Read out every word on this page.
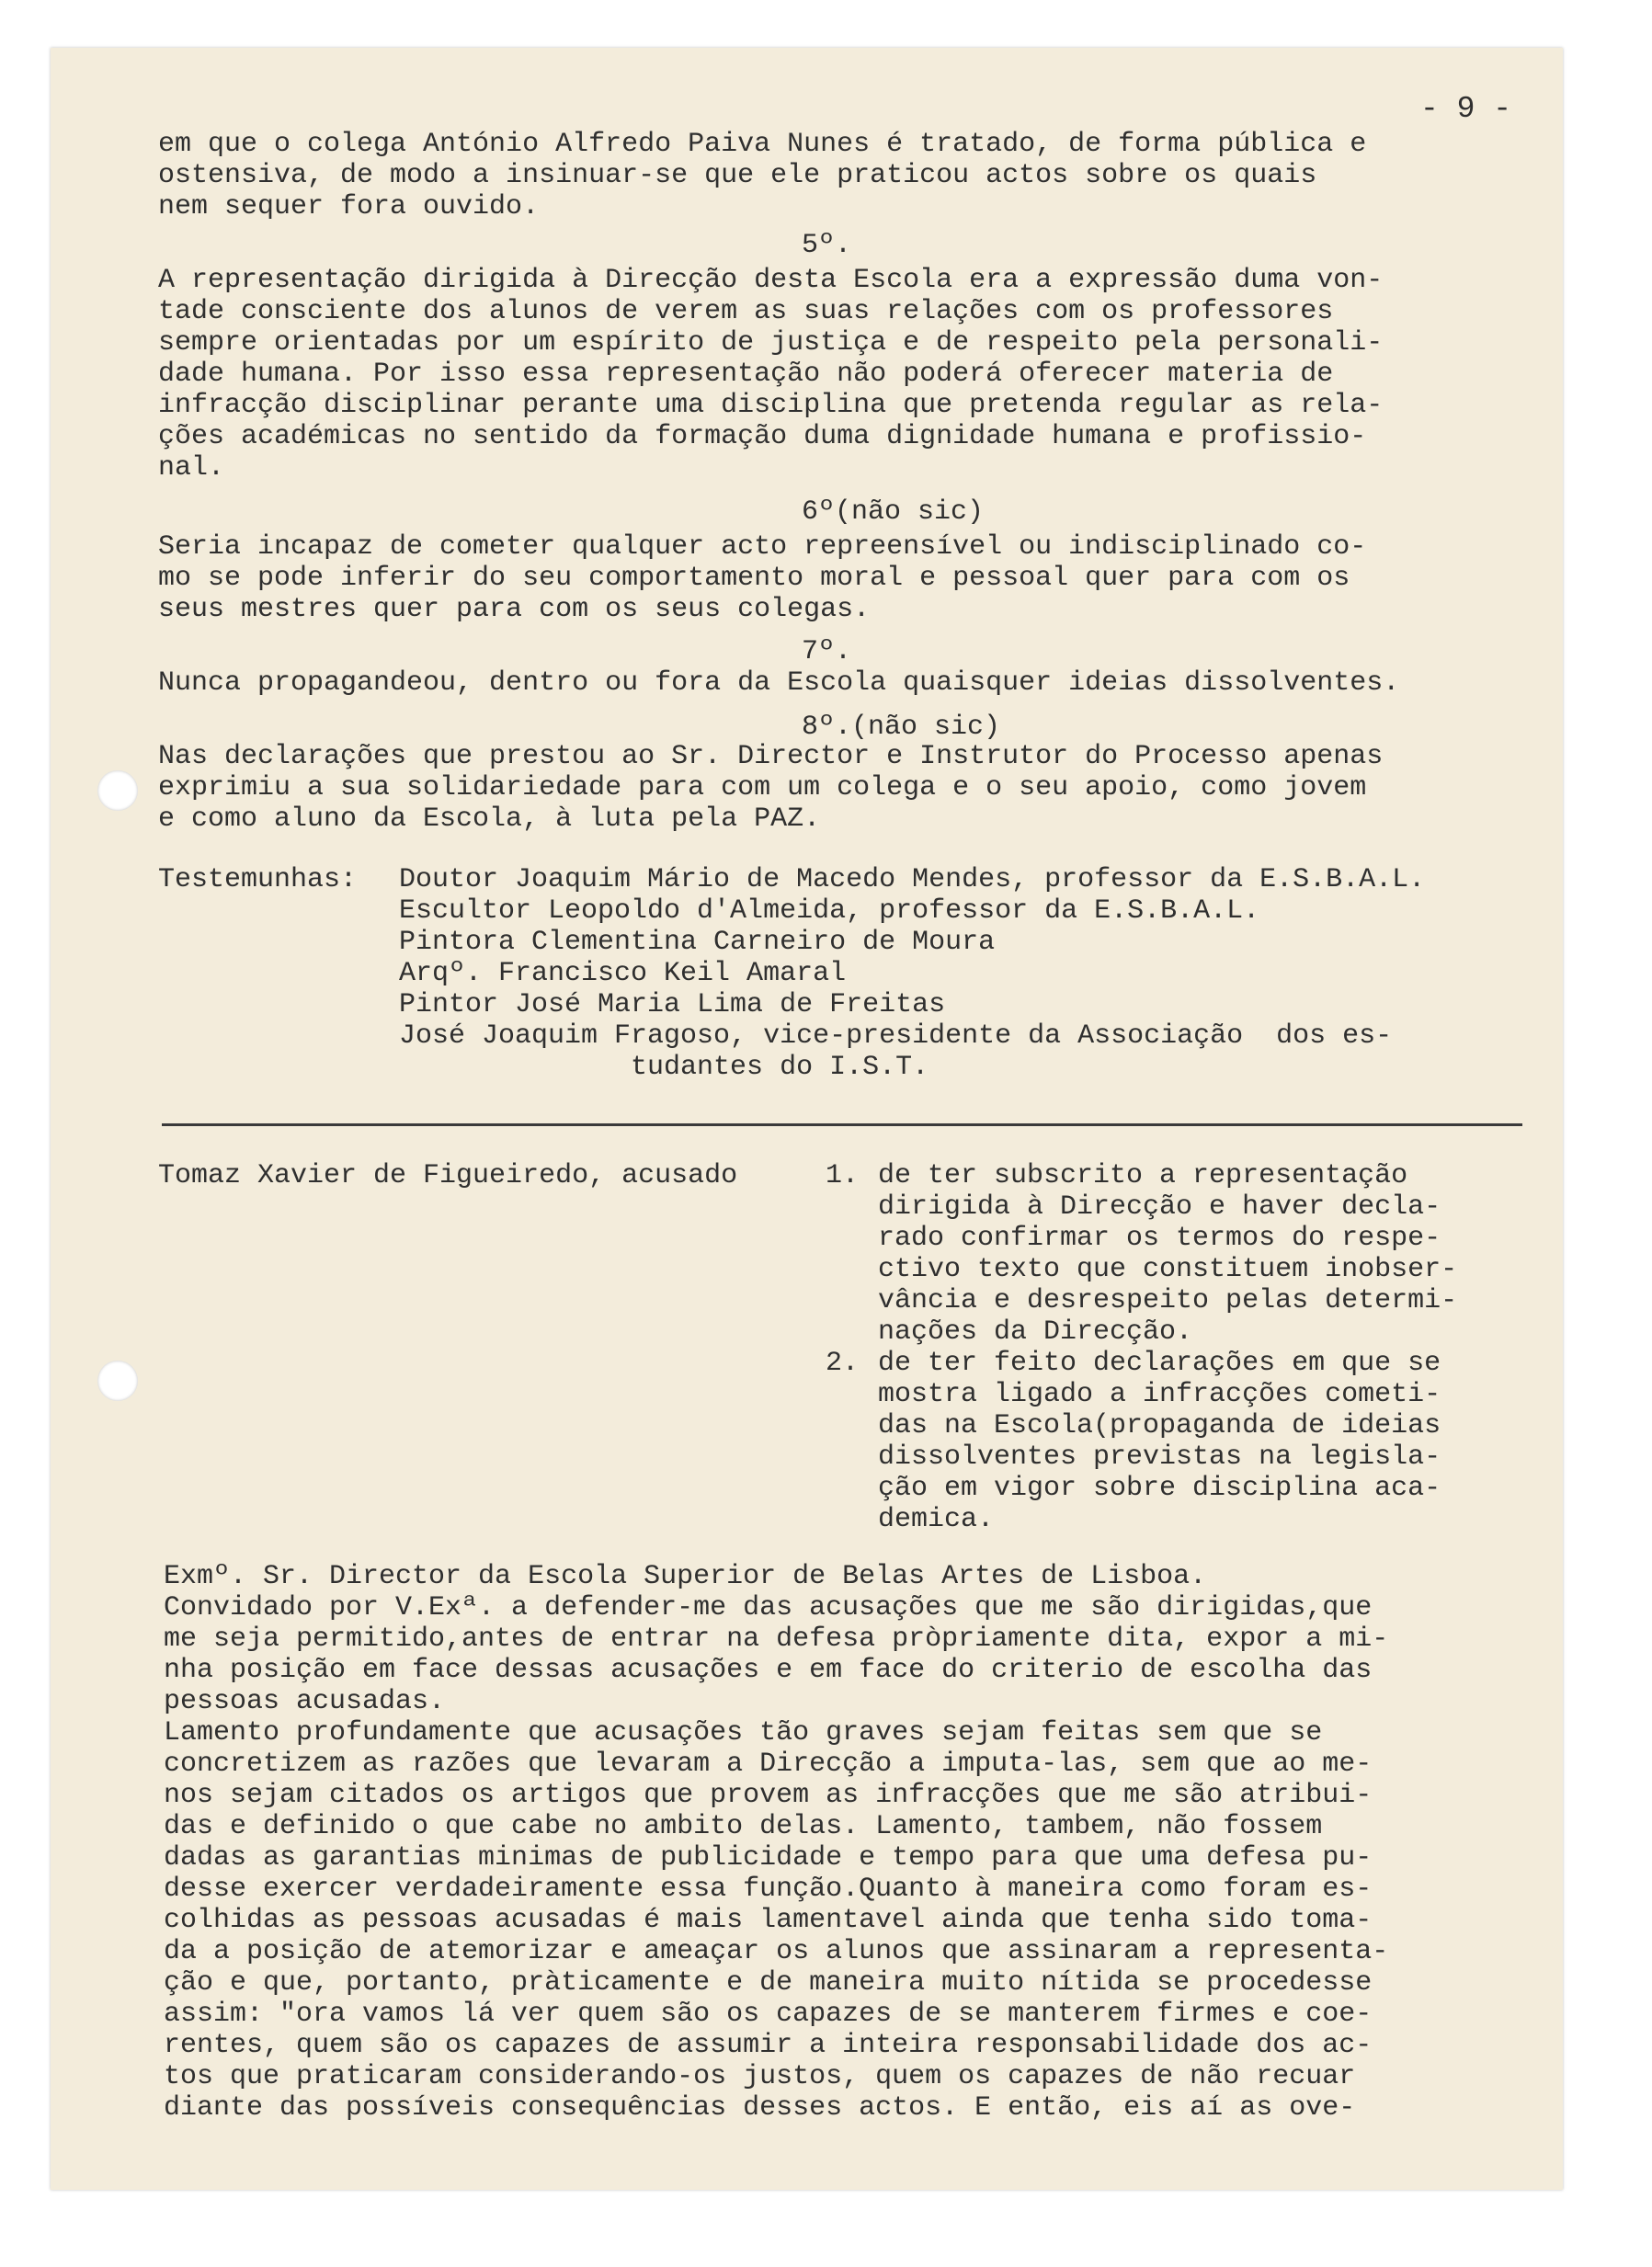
- 9 -
em que o colega António Alfredo Paiva Nunes é tratado, de forma pública e
ostensiva, de modo a insinuar-se que ele praticou actos sobre os quais
nem sequer fora ouvido.
5º.
A representação dirigida à Direcção desta Escola era a expressão duma von-
tade consciente dos alunos de verem as suas relações com os professores
sempre orientadas por um espírito de justiça e de respeito pela personali-
dade humana. Por isso essa representação não poderá oferecer materia de
infracção disciplinar perante uma disciplina que pretenda regular as rela-
ções académicas no sentido da formação duma dignidade humana e profissio-
nal.
6º(não sic)
Seria incapaz de cometer qualquer acto repreensível ou indisciplinado co-
mo se pode inferir do seu comportamento moral e pessoal quer para com os
seus mestres quer para com os seus colegas.
7º.
Nunca propagandeou, dentro ou fora da Escola quaisquer ideias dissolventes.
8º.(não sic)
Nas declarações que prestou ao Sr. Director e Instrutor do Processo apenas
exprimiu a sua solidariedade para com um colega e o seu apoio, como jovem
e como aluno da Escola, à luta pela PAZ.
Testemunhas: Doutor Joaquim Mário de Macedo Mendes, professor da E.S.B.A.L.
Escultor Leopoldo d'Almeida, professor da E.S.B.A.L.
Pintora Clementina Carneiro de Moura
Arqº. Francisco Keil Amaral
Pintor José Maria Lima de Freitas
José Joaquim Fragoso, vice-presidente da Associação  dos es-
tudantes do I.S.T.
Tomaz Xavier de Figueiredo, acusado	1. de ter subscrito a representação
dirigida à Direcção e haver decla-
rado confirmar os termos do respe-
ctivo texto que constituem inobser-
vância e desrespeito pelas determi-
nações da Direcção.
2. de ter feito declarações em que se
mostra ligado a infracções cometi-
das na Escola(propaganda de ideias
dissolventes previstas na legisla-
ção em vigor sobre disciplina aca-
demica.
Exmº. Sr. Director da Escola Superior de Belas Artes de Lisboa.
Convidado por V.Exª. a defender-me das acusações que me são dirigidas,que
me seja permitido,antes de entrar na defesa pròpriamente dita, expor a mi-
nha posição em face dessas acusações e em face do criterio de escolha das
pessoas acusadas.
Lamento profundamente que acusações tão graves sejam feitas sem que se
concretizem as razões que levaram a Direcção a imputa-las, sem que ao me-
nos sejam citados os artigos que provem as infracções que me são atribui-
das e definido o que cabe no ambito delas. Lamento, tambem, não fossem
dadas as garantias minimas de publicidade e tempo para que uma defesa pu-
desse exercer verdadeiramente essa função.Quanto à maneira como foram es-
colhidas as pessoas acusadas é mais lamentavel ainda que tenha sido toma-
da a posição de atemorizar e ameaçar os alunos que assinaram a representa-
ção e que, portanto, pràticamente e de maneira muito nítida se procedesse
assim: "ora vamos lá ver quem são os capazes de se manterem firmes e coe-
rentes, quem são os capazes de assumir a inteira responsabilidade dos ac-
tos que praticaram considerando-os justos, quem os capazes de não recuar
diante das possíveis consequências desses actos. E então, eis aí as ove-
